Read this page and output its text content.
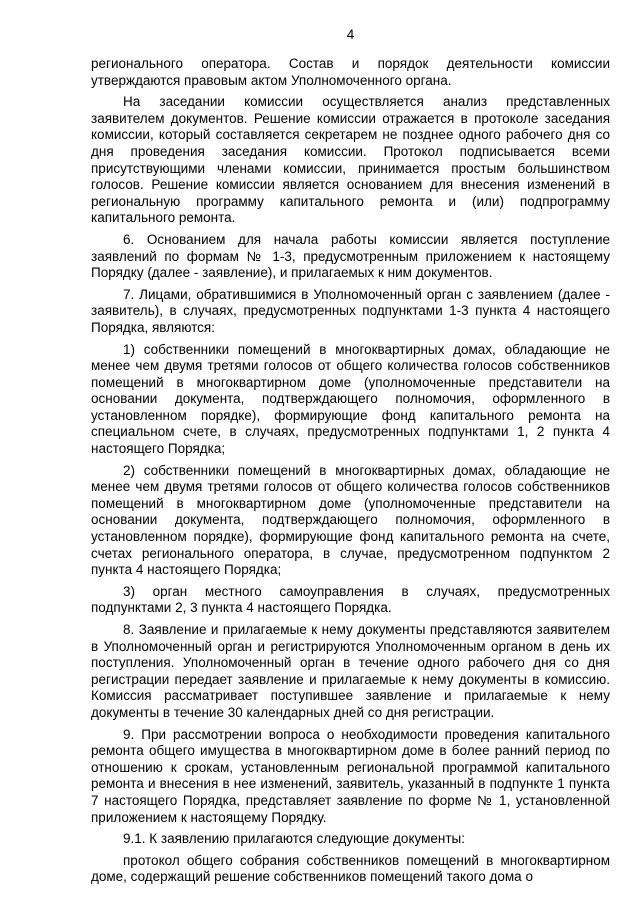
4
регионального оператора. Состав и порядок деятельности комиссии утверждаются правовым актом Уполномоченного органа.
На заседании комиссии осуществляется анализ представленных заявителем документов. Решение комиссии отражается в протоколе заседания комиссии, который составляется секретарем не позднее одного рабочего дня со дня проведения заседания комиссии. Протокол подписывается всеми присутствующими членами комиссии, принимается простым большинством голосов. Решение комиссии является основанием для внесения изменений в региональную программу капитального ремонта и (или) подпрограмму капитального ремонта.
6. Основанием для начала работы комиссии является поступление заявлений по формам № 1-3, предусмотренным приложением к настоящему Порядку (далее - заявление), и прилагаемых к ним документов.
7. Лицами, обратившимися в Уполномоченный орган с заявлением (далее - заявитель), в случаях, предусмотренных подпунктами 1-3 пункта 4 настоящего Порядка, являются:
1) собственники помещений в многоквартирных домах, обладающие не менее чем двумя третями голосов от общего количества голосов собственников помещений в многоквартирном доме (уполномоченные представители на основании документа, подтверждающего полномочия, оформленного в установленном порядке), формирующие фонд капитального ремонта на специальном счете, в случаях, предусмотренных подпунктами 1, 2 пункта 4 настоящего Порядка;
2) собственники помещений в многоквартирных домах, обладающие не менее чем двумя третями голосов от общего количества голосов собственников помещений в многоквартирном доме (уполномоченные представители на основании документа, подтверждающего полномочия, оформленного в установленном порядке), формирующие фонд капитального ремонта на счете, счетах регионального оператора, в случае, предусмотренном подпунктом 2 пункта 4 настоящего Порядка;
3) орган местного самоуправления в случаях, предусмотренных подпунктами 2, 3 пункта 4 настоящего Порядка.
8. Заявление и прилагаемые к нему документы представляются заявителем в Уполномоченный орган и регистрируются Уполномоченным органом в день их поступления. Уполномоченный орган в течение одного рабочего дня со дня регистрации передает заявление и прилагаемые к нему документы в комиссию. Комиссия рассматривает поступившее заявление и прилагаемые к нему документы в течение 30 календарных дней со дня регистрации.
9. При рассмотрении вопроса о необходимости проведения капитального ремонта общего имущества в многоквартирном доме в более ранний период по отношению к срокам, установленным региональной программой капитального ремонта и внесения в нее изменений, заявитель, указанный в подпункте 1 пункта 7 настоящего Порядка, представляет заявление по форме № 1, установленной приложением к настоящему Порядку.
9.1. К заявлению прилагаются следующие документы:
протокол общего собрания собственников помещений в многоквартирном доме, содержащий решение собственников помещений такого дома о
